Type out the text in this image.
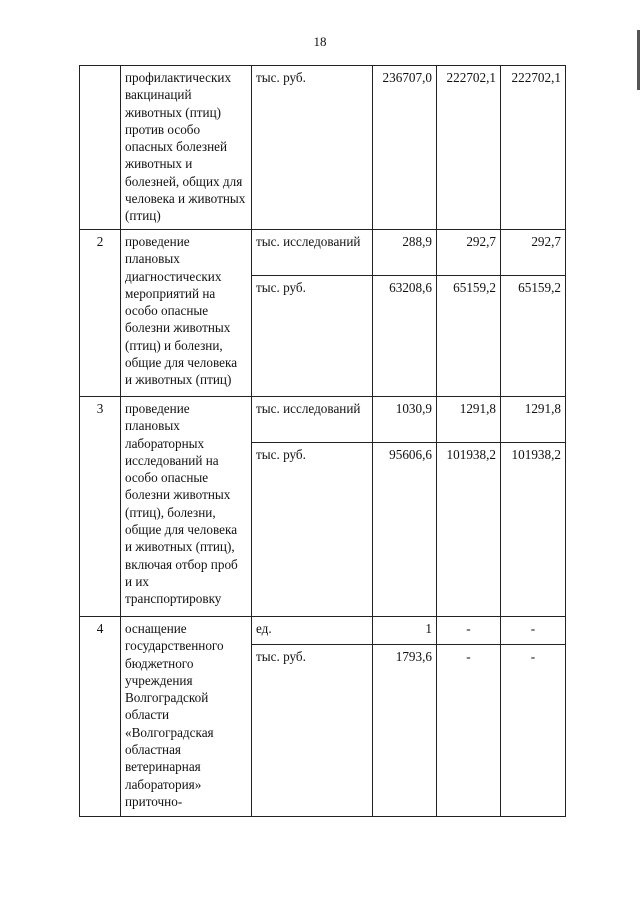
18
	профилактических вакцинаций животных (птиц) против особо опасных болезней животных и болезней, общих для человека и животных (птиц)	тыс. руб.	236707,0	222702,1	222702,1
2	проведение плановых диагностических мероприятий на особо опасные болезни животных (птиц) и болезни, общие для человека и животных (птиц)	тыс. исследований	288,9	292,7	292,7
		тыс. руб.	63208,6	65159,2	65159,2
3	проведение плановых лабораторных исследований на особо опасные болезни животных (птиц), болезни, общие для человека и животных (птиц), включая отбор проб и их транспортировку	тыс. исследований	1030,9	1291,8	1291,8
		тыс. руб.	95606,6	101938,2	101938,2
4	оснащение государственного бюджетного учреждения Волгоградской области «Волгоградская областная ветеринарная лаборатория» приточно-	ед.	1	-	-
		тыс. руб.	1793,6	-	-
